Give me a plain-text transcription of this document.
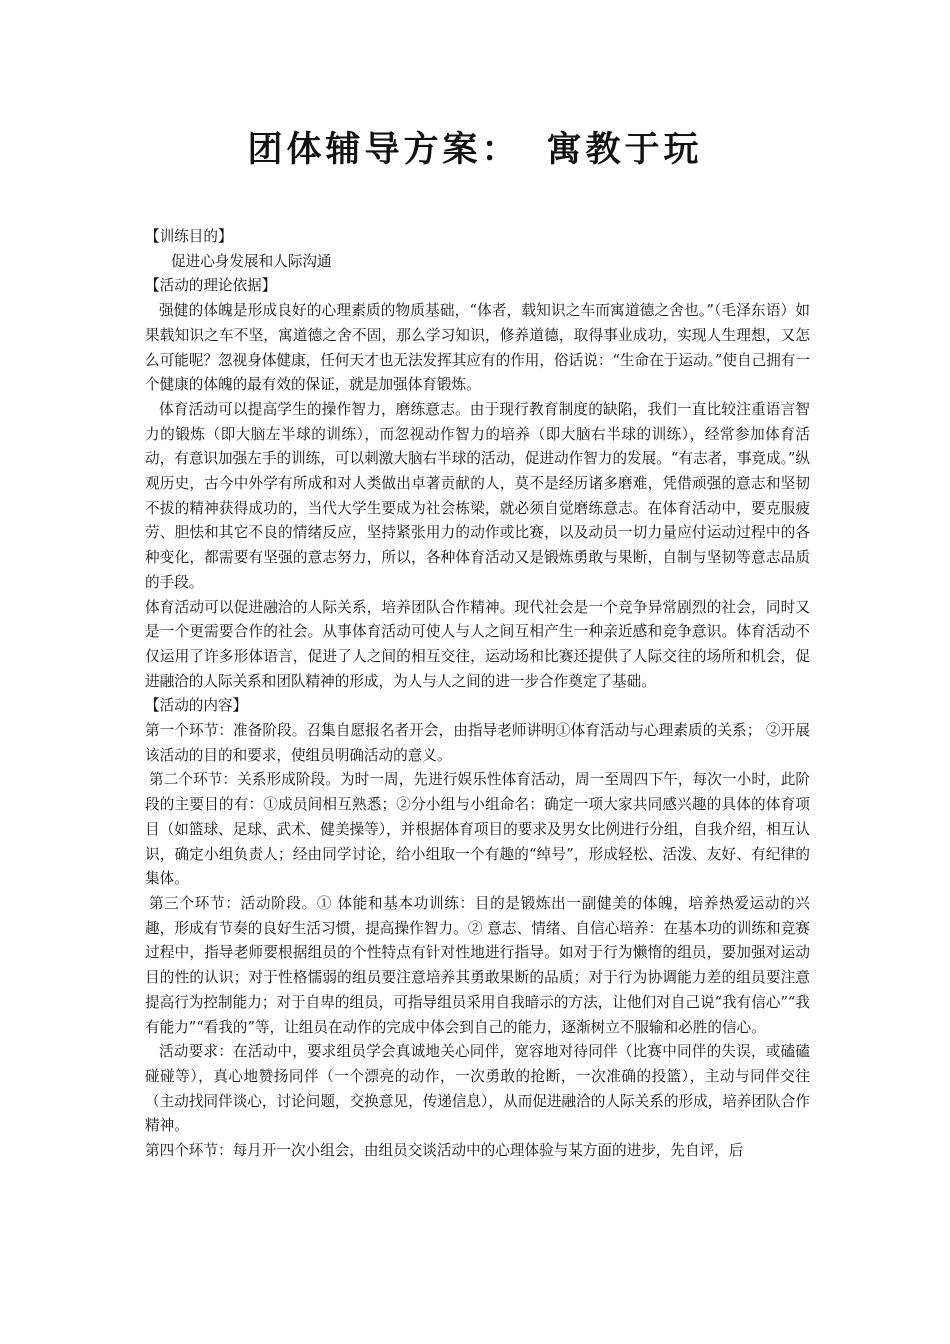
团体辅导方案： 寓教于玩
【训练目的】

促进心身发展和人际沟通

【活动的理论依据】

强健的体魄是形成良好的心理素质的物质基础，“体者，载知识之车而寓道德之舍也。”（毛泽东语）如果载知识之车不坚，寓道德之舍不固，那么学习知识，修养道德，取得事业成功，实现人生理想，又怎么可能呢？忽视身体健康，任何天才也无法发挥其应有的作用，俗话说：“生命在于运动。”使自己拥有一个健康的体魄的最有效的保证，就是加强体育锻炼。

体育活动可以提高学生的操作智力，磨练意志。由于现行教育制度的缺陷，我们一直比较注重语言智力的锻炼（即大脑左半球的训练），而忽视动作智力的培养（即大脑右半球的训练），经常参加体育活动，有意识加强左手的训练，可以刺激大脑右半球的活动，促进动作智力的发展。“有志者，事竟成。”纵观历史，古今中外学有所成和对人类做出卓著贡献的人，莫不是经历诸多磨难，凭借顽强的意志和坚韧不拔的精神获得成功的，当代大学生要成为社会栋梁，就必须自觉磨练意志。在体育活动中，要克服疲劳、胆怯和其它不良的情绪反应，坚持紧张用力的动作或比赛，以及动员一切力量应付运动过程中的各种变化，都需要有坚强的意志努力，所以，各种体育活动又是锻炼勇敢与果断，自制与坚韧等意志品质的手段。

体育活动可以促进融洽的人际关系，培养团队合作精神。现代社会是一个竞争异常剧烈的社会，同时又是一个更需要合作的社会。从事体育活动可使人与人之间互相产生一种亲近感和竞争意识。体育活动不仅运用了许多形体语言，促进了人之间的相互交往，运动场和比赛还提供了人际交往的场所和机会，促进融洽的人际关系和团队精神的形成，为人与人之间的进一步合作奠定了基础。

【活动的内容】

第一个环节：准备阶段。召集自愿报名者开会，由指导老师讲明①体育活动与心理素质的关系； ②开展该活动的目的和要求，使组员明确活动的意义。

第二个环节：关系形成阶段。为时一周，先进行娱乐性体育活动，周一至周四下午，每次一小时，此阶段的主要目的有：①成员间相互熟悉；②分小组与小组命名：确定一项大家共同感兴趣的具体的体育项目（如篮球、足球、武术、健美操等），并根据体育项目的要求及男女比例进行分组，自我介绍，相互认识，确定小组负责人；经由同学讨论，给小组取一个有趣的“绰号”，形成轻松、活泼、友好、有纪律的集体。

第三个环节：活动阶段。① 体能和基本功训练：目的是锻炼出一副健美的体魄，培养热爱运动的兴趣，形成有节奏的良好生活习惯，提高操作智力。② 意志、情绪、自信心培养：在基本功的训练和竞赛过程中，指导老师要根据组员的个性特点有针对性地进行指导。如对于行为懒惰的组员，要加强对运动目的性的认识；对于性格懦弱的组员要注意培养其勇敢果断的品质；对于行为协调能力差的组员要注意提高行为控制能力；对于自卑的组员，可指导组员采用自我暗示的方法，让他们对自己说“我有信心”“我有能力”“看我的”等，让组员在动作的完成中体会到自己的能力，逐渐树立不服输和必胜的信心。

活动要求：在活动中，要求组员学会真诚地关心同伴，宽容地对待同伴（比赛中同伴的失误，或磕磕碰碰等），真心地赞扬同伴（一个漂亮的动作，一次勇敢的抢断，一次准确的投篮），主动与同伴交往（主动找同伴谈心，讨论问题，交换意见，传递信息），从而促进融洽的人际关系的形成，培养团队合作精神。

第四个环节：每月开一次小组会，由组员交谈活动中的心理体验与某方面的进步，先自评，后
